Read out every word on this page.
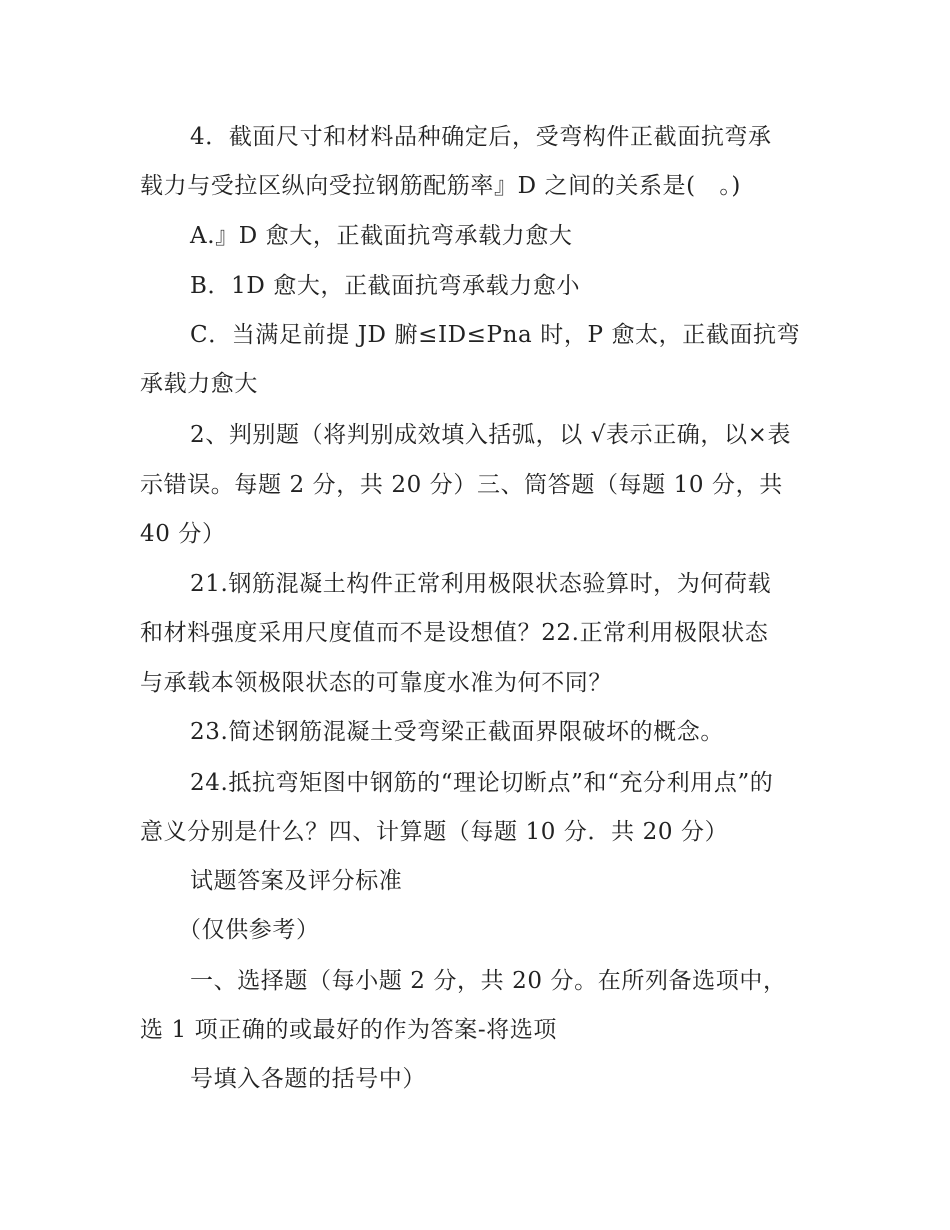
4．截面尺寸和材料品种确定后，受弯构件正截面抗弯承
载力与受拉区纵向受拉钢筋配筋率』D 之间的关系是(　。)
A.』D 愈大，正截面抗弯承载力愈大
B．1D 愈大，正截面抗弯承载力愈小
C．当满足前提 JD 腑≤ID≤Pna 时，P 愈太，正截面抗弯
承载力愈大
2、判别题（将判别成效填入括弧，以 √表示正确，以×表
示错误。每题 2 分，共 20 分）三、筒答题（每题 10 分，共
40 分）
21.钢筋混凝土构件正常利用极限状态验算时，为何荷载
和材料强度采用尺度值而不是设想值？22.正常利用极限状态
与承载本领极限状态的可靠度水准为何不同？
23.简述钢筋混凝土受弯梁正截面界限破坏的概念。
24.抵抗弯矩图中钢筋的“理论切断点”和“充分利用点”的
意义分别是什么？四、计算题（每题 10 分．共 20 分）
试题答案及评分标准
（仅供参考）
一、选择题（每小题 2 分，共 20 分。在所列备选项中，
选 1 项正确的或最好的作为答案-将选项
号填入各题的括号中）
